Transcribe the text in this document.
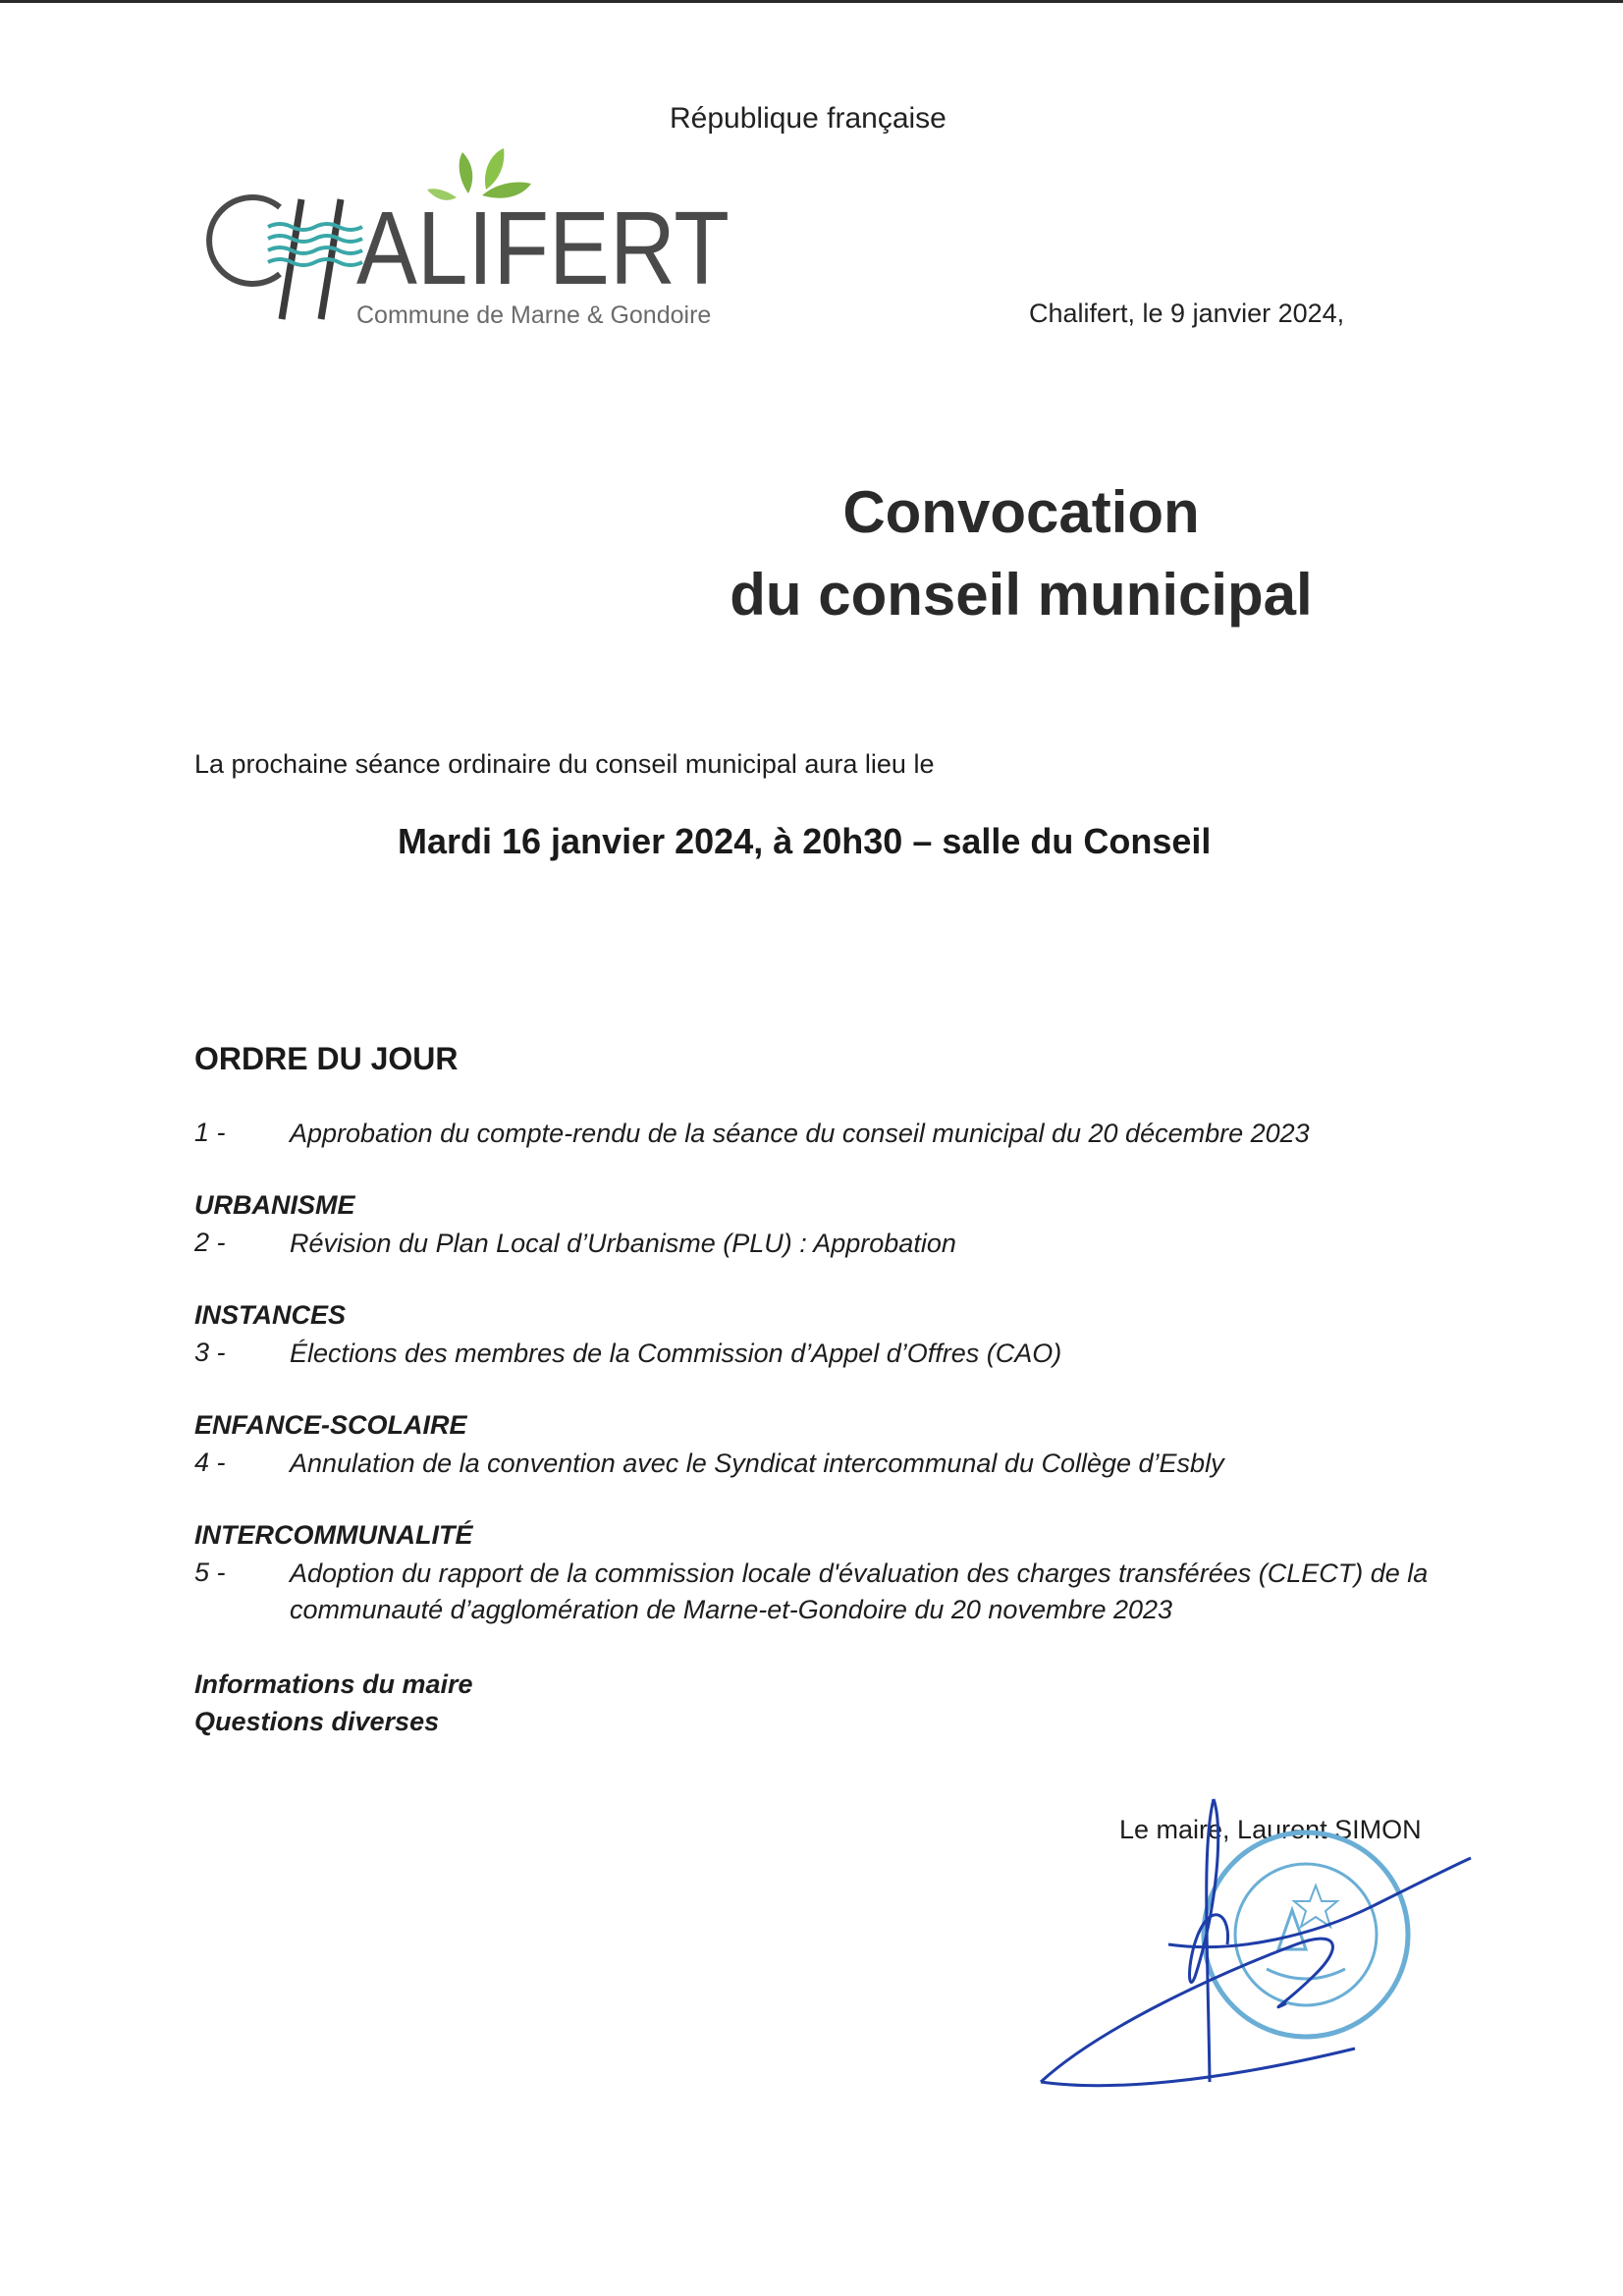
République française
ALIFERT
Commune de Marne & Gondoire	Chalifert, le 9 janvier 2024,
Convocation
du conseil municipal
La prochaine séance ordinaire du conseil municipal aura lieu le
Mardi 16 janvier 2024, à 20h30 – salle du Conseil
ORDRE DU JOUR
1 - Approbation du compte-rendu de la séance du conseil municipal du 20 décembre 2023
URBANISME
2 - Révision du Plan Local d’Urbanisme (PLU) : Approbation
INSTANCES
3 - Élections des membres de la Commission d’Appel d’Offres (CAO)
ENFANCE-SCOLAIRE
4 - Annulation de la convention avec le Syndicat intercommunal du Collège d’Esbly
INTERCOMMUNALITÉ
5 - Adoption du rapport de la commission locale d'évaluation des charges transférées (CLECT) de la communauté d’agglomération de Marne-et-Gondoire du 20 novembre 2023
Informations du maire
Questions diverses
Le maire, Laurent SIMON
